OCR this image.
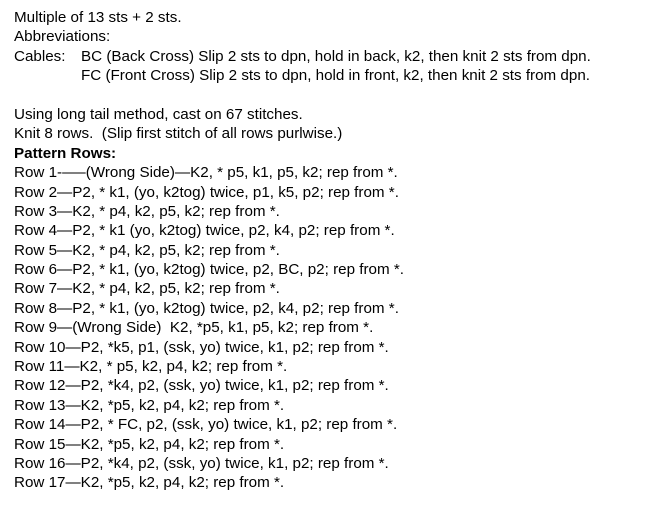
Multiple of 13 sts + 2 sts.
Abbreviations:
Cables:	BC (Back Cross) Slip 2 sts to dpn, hold in back, k2, then knit 2 sts from dpn.
FC (Front Cross) Slip 2 sts to dpn, hold in front, k2, then knit 2 sts from dpn.
Using long tail method, cast on 67 stitches.
Knit 8 rows.  (Slip first stitch of all rows purlwise.)
Pattern Rows:
Row 1-–—(Wrong Side)—K2, * p5, k1, p5, k2; rep from *.
Row 2—P2, * k1, (yo, k2tog) twice, p1, k5, p2; rep from *.
Row 3—K2, * p4, k2, p5, k2; rep from *.
Row 4—P2, * k1 (yo, k2tog) twice, p2, k4, p2; rep from *.
Row 5—K2, * p4, k2, p5, k2; rep from *.
Row 6—P2, * k1, (yo, k2tog) twice, p2, BC, p2; rep from *.
Row 7—K2, * p4, k2, p5, k2; rep from *.
Row 8—P2, * k1, (yo, k2tog) twice, p2, k4, p2; rep from *.
Row 9—(Wrong Side)  K2, *p5, k1, p5, k2; rep from *.
Row 10—P2, *k5, p1, (ssk, yo) twice, k1, p2; rep from *.
Row 11—K2, * p5, k2, p4, k2; rep from *.
Row 12—P2, *k4, p2, (ssk, yo) twice, k1, p2; rep from *.
Row 13—K2, *p5, k2, p4, k2; rep from *.
Row 14—P2, * FC, p2, (ssk, yo) twice, k1, p2; rep from *.
Row 15—K2, *p5, k2, p4, k2; rep from *.
Row 16—P2, *k4, p2, (ssk, yo) twice, k1, p2; rep from *.
Row 17—K2, *p5, k2, p4, k2; rep from *.
